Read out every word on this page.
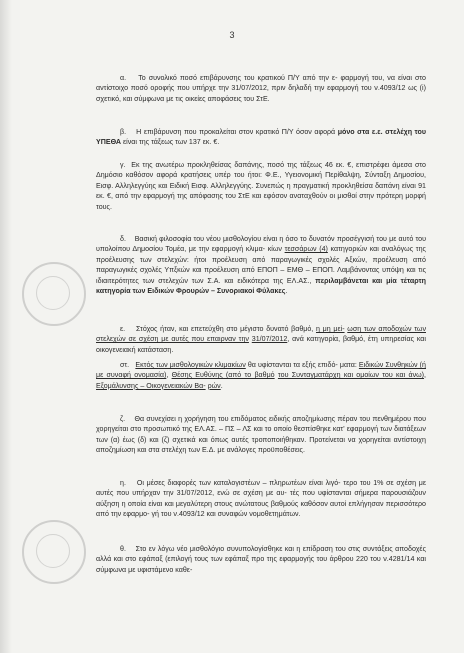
3

α. Το συνολικό ποσό επιβάρυνσης του κρατικού Π/Υ από την ε- φαρμογή του, να είναι στο αντίστοιχο ποσό οροφής που υπήρχε την 31/07/2012, πριν δηλαδή την εφαρμογή του ν.4093/12 ως (i) σχετικό, και σύμφωνα με τις οικείες αποφάσεις του ΣτΕ.

β. Η επιβάρυνση που προκαλείται στον κρατικό Π/Υ όσον αφορά μόνο στα ε.ε. στελέχη του ΥΠΕΘΑ είναι της τάξεως των 137 εκ. €.

γ. Εκ της ανωτέρω προκληθείσας δαπάνης, ποσό της τάξεως 46 εκ. €, επιστρέφει άμεσα στο Δημόσιο καθόσον αφορά κρατήσεις υπέρ του ήτοι: Φ.Ε., Υγειονομική Περίθαλψη, Σύνταξη Δημοσίου, Εισφ. Αλληλεγγύης και Ειδική Εισφ. Αλληλεγγύης. Συνεπώς η πραγματική προκληθείσα δαπάνη είναι 91 εκ. €, από την εφαρμογή της απόφασης του ΣτΕ και εφόσον αναταχθούν οι μισθοί στην πρότερη μορφή τους.

δ. Βασική φιλοσοφία του νέου μισθολογίου είναι η όσο το δυνατόν προσέγγισή του με αυτό του υπολοίπου Δημοσίου Τομέα, με την εφαρμογή κλιμα- κίων τεσσάρων (4) κατηγοριών και αναλόγως της προέλευσης των στελεχών: ήτοι προέλευση από παραγωγικές σχολές Αξκών, προέλευση από παραγωγικές σχολές Υπξκών και προέλευση από ΕΠΟΠ – ΕΜΘ – ΕΠΟΠ. Λαμβάνοντας υπόψη και τις ιδιαιτερότητες των στελεχών των Σ.Α. και ειδικότερα της ΕΛ.ΑΣ., περιλαμβάνεται και μία τέταρτη κατηγορία των Ειδικών Φρουρών – Συνοριακοί Φύλακες.

ε. Στόχος ήταν, και επετεύχθη στο μέγιστο δυνατό βαθμό, η μη μεί- ωση των αποδοχών των στελεχών σε σχέση με αυτές που επαιρναν την 31/07/2012, ανά κατηγορία, βαθμό, έτη υπηρεσίας και οικογενειακή κατάσταση.

στ. Εκτός των μισθολογικών κλιμακίων θα υφίστανται τα εξής επιδό- ματα: Ειδικών Συνθηκών (ή με συναφή ονομασία), Θέσης Ευθύνης (από το βαθμό του Συνταγματάρχη και ομοίων του και άνω), Εξομάλυνσης – Οικογενειακών Βα- ρών.

ζ. Θα συνεχίσει η χορήγηση του επιδόματος ειδικής αποζημίωσης πέραν του πενθημέρου που χορηγείται στο προσωπικό της ΕΛ.ΑΣ. – ΠΣ – ΛΣ και το οποίο θεσπίσθηκε κατ' εφαρμογή των διατάξεων των (α) έως (δ) και (ζ) σχετικά και όπως αυτές τροποποιήθηκαν. Προτείνεται να χορηγείται αντίστοιχη αποζημίωση και στα στελέχη των Ε.Δ. με ανάλογες προϋποθέσεις.

η. Οι μέσες διαφορές των καταλογιστέων – πληρωτέων είναι λιγό- τερο του 1% σε σχέση με αυτές που υπήρχαν την 31/07/2012, ενώ σε σχέση με αυ- τές που υφίστανται σήμερα παρουσιάζουν αύξηση η οποία είναι και μεγαλύτερη στους ανώτατους βαθμούς καθόσον αυτοί επλήγησαν περισσότερο από την εφαρμο- γή του ν.4093/12 και συναφών νομοθετημάτων.

θ. Στο εν λόγω νέο μισθολόγιο συνυπολογίσθηκε και η επίδραση του στις συντάξεις αποδοχές αλλά και στο εφάπαξ (επιλογή τους των εφάπαξ προ της εφαρμογής του άρθρου 220 του ν.4281/14 και σύμφωνα με υφιστάμενο καθε-
